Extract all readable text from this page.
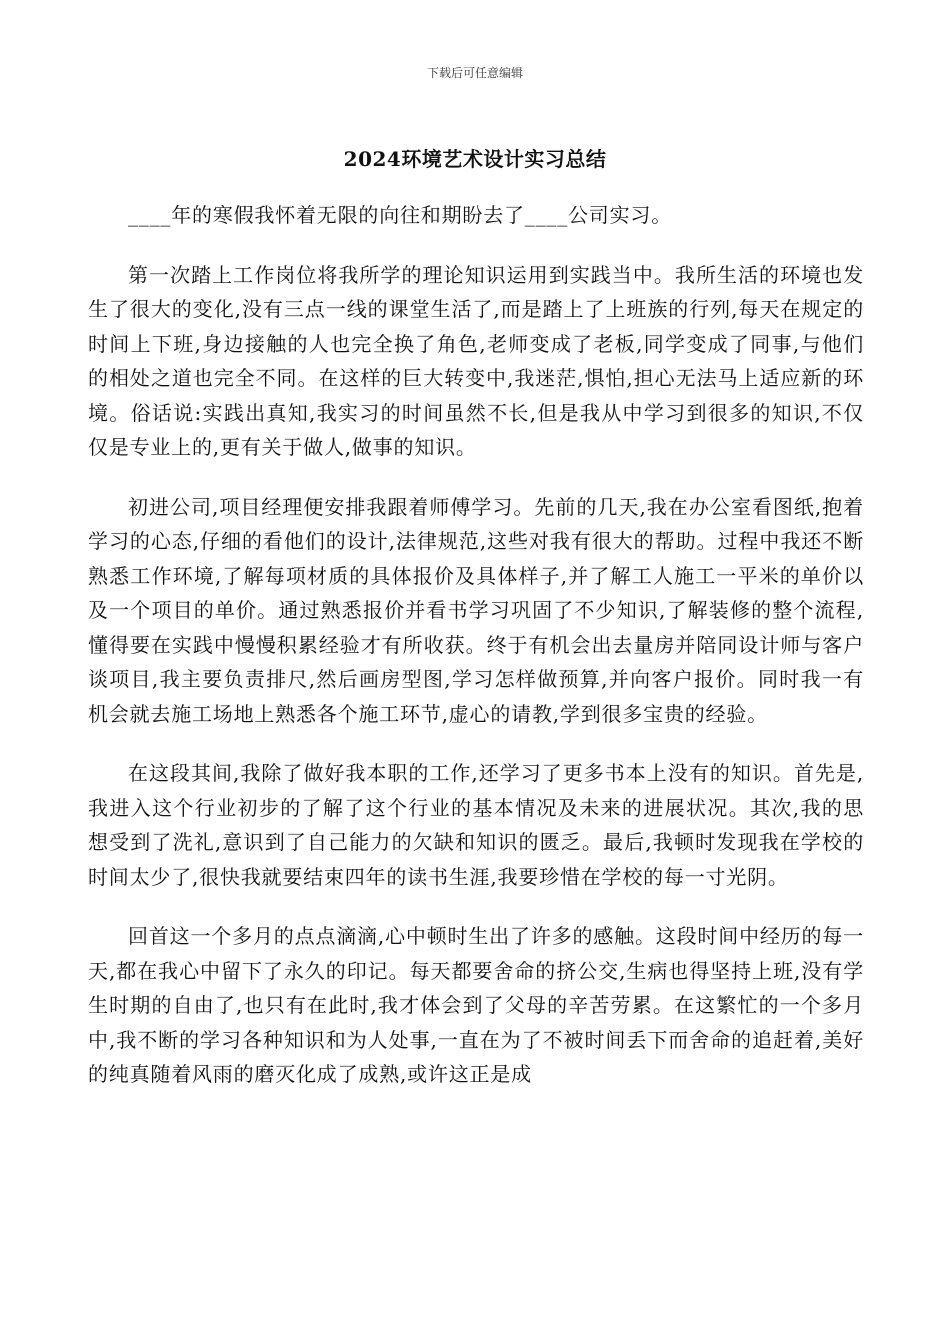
下载后可任意编辑
2024环境艺术设计实习总结

____年的寒假我怀着无限的向往和期盼去了____公司实习。

第一次踏上工作岗位将我所学的理论知识运用到实践当中。我所生活的环境也发生了很大的变化,没有三点一线的课堂生活了,而是踏上了上班族的行列,每天在规定的时间上下班,身边接触的人也完全换了角色,老师变成了老板,同学变成了同事,与他们的相处之道也完全不同。在这样的巨大转变中,我迷茫,惧怕,担心无法马上适应新的环境。俗话说:实践出真知,我实习的时间虽然不长,但是我从中学习到很多的知识,不仅仅是专业上的,更有关于做人,做事的知识。

初进公司,项目经理便安排我跟着师傅学习。先前的几天,我在办公室看图纸,抱着学习的心态,仔细的看他们的设计,法律规范,这些对我有很大的帮助。过程中我还不断熟悉工作环境,了解每项材质的具体报价及具体样子,并了解工人施工一平米的单价以及一个项目的单价。通过熟悉报价并看书学习巩固了不少知识,了解装修的整个流程,懂得要在实践中慢慢积累经验才有所收获。终于有机会出去量房并陪同设计师与客户谈项目,我主要负责排尺,然后画房型图,学习怎样做预算,并向客户报价。同时我一有机会就去施工场地上熟悉各个施工环节,虚心的请教,学到很多宝贵的经验。

在这段其间,我除了做好我本职的工作,还学习了更多书本上没有的知识。首先是,我进入这个行业初步的了解了这个行业的基本情况及未来的进展状况。其次,我的思想受到了洗礼,意识到了自己能力的欠缺和知识的匮乏。最后,我顿时发现我在学校的时间太少了,很快我就要结束四年的读书生涯,我要珍惜在学校的每一寸光阴。

回首这一个多月的点点滴滴,心中顿时生出了许多的感触。这段时间中经历的每一天,都在我心中留下了永久的印记。每天都要舍命的挤公交,生病也得坚持上班,没有学生时期的自由了,也只有在此时,我才体会到了父母的辛苦劳累。在这繁忙的一个多月中,我不断的学习各种知识和为人处事,一直在为了不被时间丢下而舍命的追赶着,美好的纯真随着风雨的磨灭化成了成熟,或许这正是成
